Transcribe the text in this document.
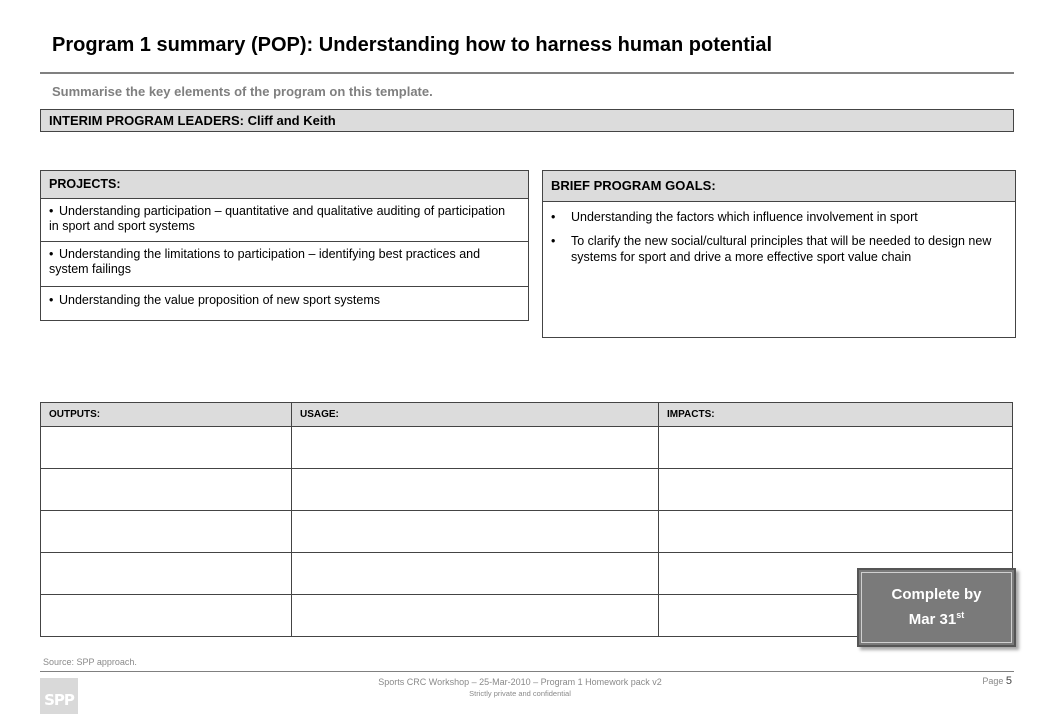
Program 1 summary (POP): Understanding how to harness human potential
Summarise the key elements of the program on this template.
INTERIM PROGRAM LEADERS: Cliff and Keith
PROJECTS:
• Understanding participation – quantitative and qualitative auditing of participation in sport and sport systems
• Understanding the limitations to participation – identifying best practices and system failings
• Understanding the value proposition of new sport systems
BRIEF PROGRAM GOALS:
• Understanding the factors which influence involvement in sport
• To clarify the new social/cultural principles that will be needed to design new systems for sport and drive a more effective sport value chain
OUTPUTS:	USAGE:	IMPACTS:

Complete by
Mar 31st
Source: SPP approach.
SPP
Sports CRC Workshop – 25-Mar-2010 – Program 1 Homework pack v2
Strictly private and confidential
Page 5
